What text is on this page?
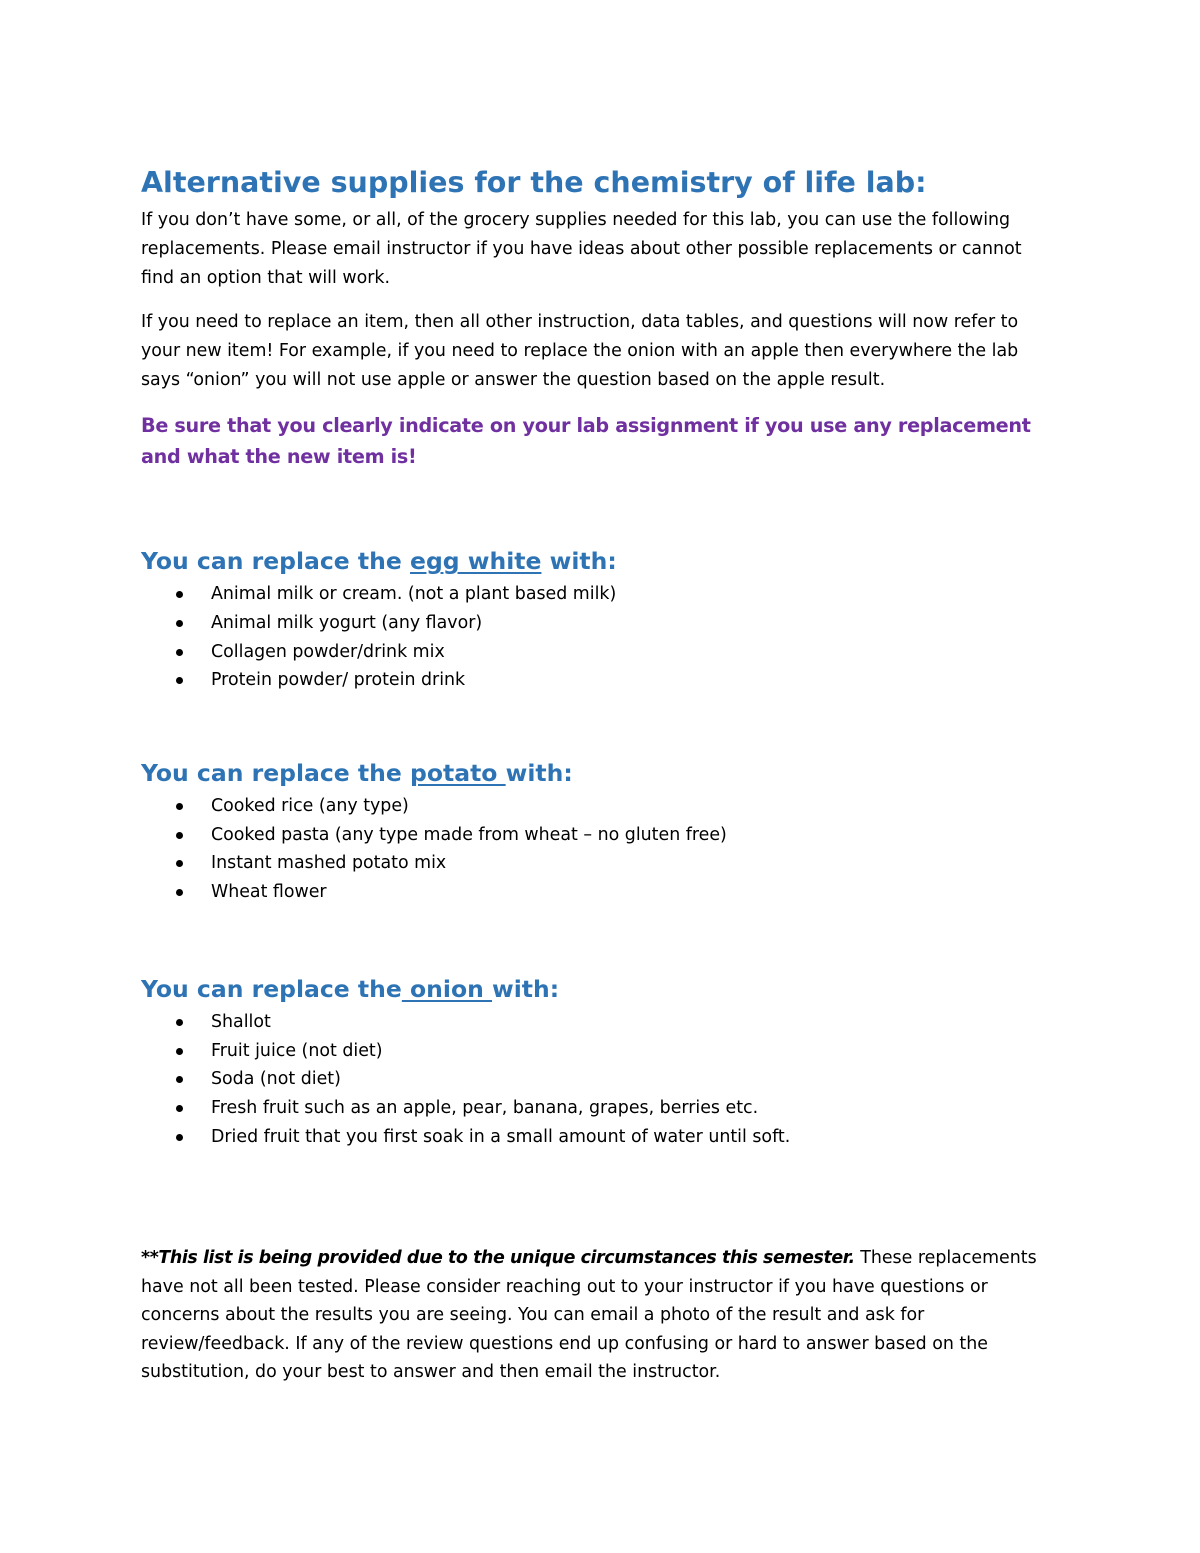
Alternative supplies for the chemistry of life lab:

If you don’t have some, or all, of the grocery supplies needed for this lab, you can use the following replacements. Please email instructor if you have ideas about other possible replacements or cannot find an option that will work.

If you need to replace an item, then all other instruction, data tables, and questions will now refer to your new item! For example, if you need to replace the onion with an apple then everywhere the lab says “onion” you will not use apple or answer the question based on the apple result.

Be sure that you clearly indicate on your lab assignment if you use any replacement and what the new item is!

You can replace the egg white with:
Animal milk or cream. (not a plant based milk)
Animal milk yogurt (any flavor)
Collagen powder/drink mix
Protein powder/ protein drink
You can replace the potato with:
Cooked rice (any type)
Cooked pasta (any type made from wheat – no gluten free)
Instant mashed potato mix
Wheat flower
You can replace the onion with:
Shallot
Fruit juice (not diet)
Soda (not diet)
Fresh fruit such as an apple, pear, banana, grapes, berries etc.
Dried fruit that you first soak in a small amount of water until soft.

**This list is being provided due to the unique circumstances this semester. These replacements have not all been tested. Please consider reaching out to your instructor if you have questions or concerns about the results you are seeing. You can email a photo of the result and ask for review/feedback. If any of the review questions end up confusing or hard to answer based on the substitution, do your best to answer and then email the instructor.
